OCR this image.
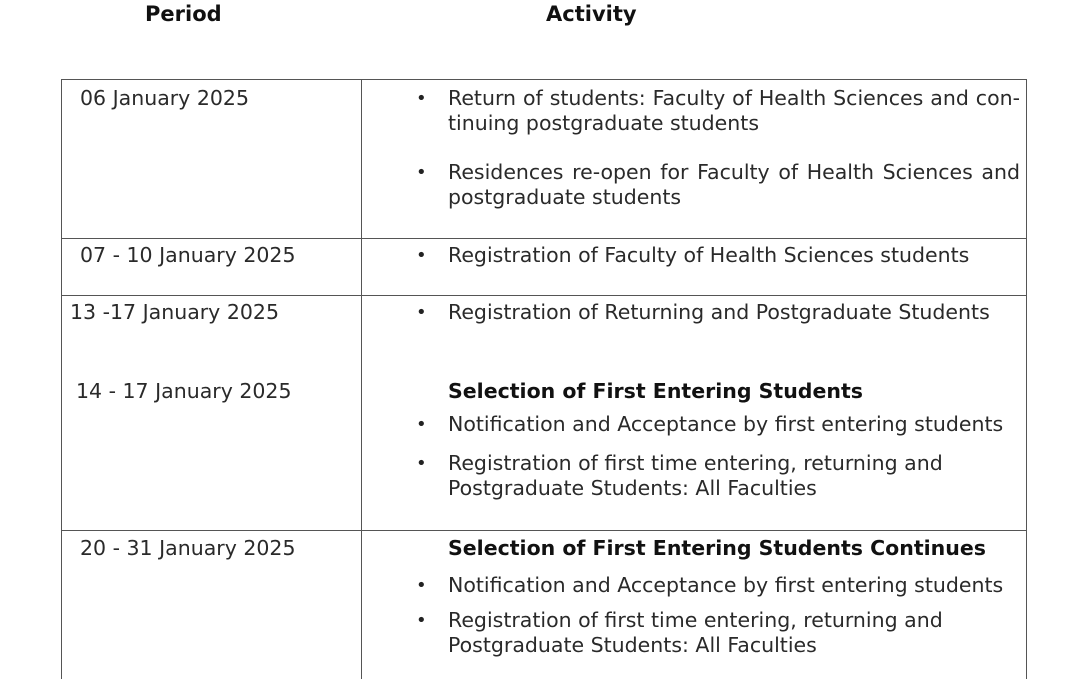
Period	Activity
06 January 2025	• Return of students: Faculty of Health Sciences and con-tinuing postgraduate students
• Residences re-open for Faculty of Health Sciences and postgraduate students
07 - 10 January 2025	• Registration of Faculty of Health Sciences students
13 -17 January 2025	• Registration of Returning and Postgraduate Students
14 - 17 January 2025	Selection of First Entering Students
• Notification and Acceptance by first entering students
• Registration of first time entering, returning and Postgraduate Students: All Faculties
20 - 31 January 2025	Selection of First Entering Students Continues
• Notification and Acceptance by first entering students
• Registration of first time entering, returning and Postgraduate Students: All Faculties
